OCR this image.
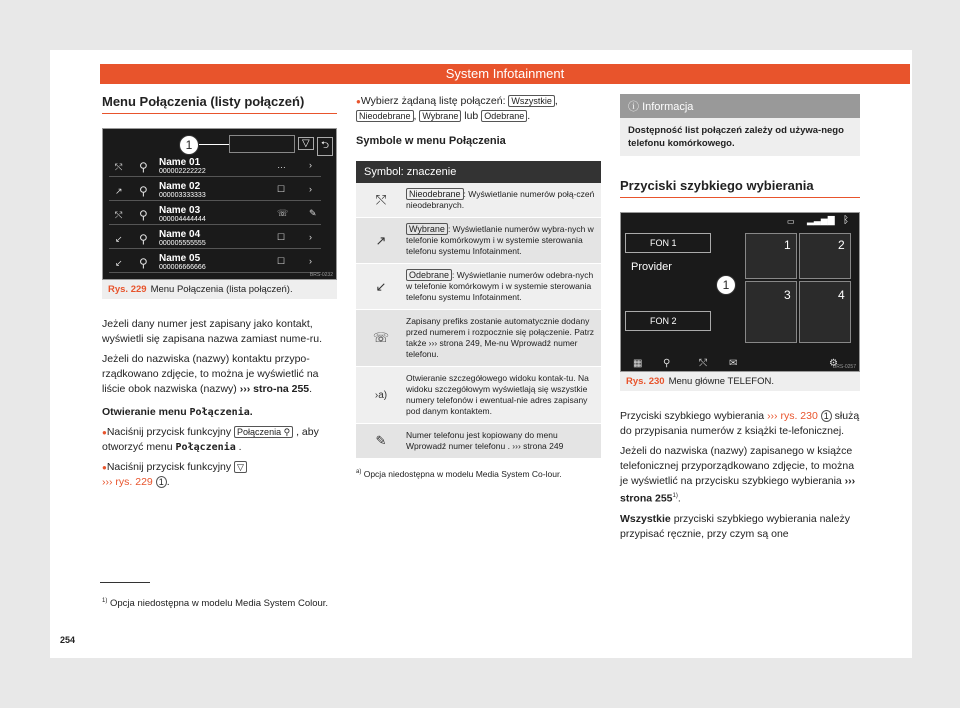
System Infotainment
Menu Połączenia (listy połączeń)
1	▽	⮌
⤲ ⚲ Name 01
000002222222
…	›
↗ ⚲ Name 02
000003333333
☐	›
⤲ ⚲ Name 03
000004444444
☏ ✎
↙ ⚲ Name 04
000005555555
☐	›
↙ ⚲ Name 05
000006666666
☐	›
BRS-0232
Rys. 229 Menu Połączenia (lista połączeń).

Jeżeli dany numer jest zapisany jako kontakt, wyświetli się zapisana nazwa zamiast nume-ru.

Jeżeli do nazwiska (nazwy) kontaktu przypo-rządkowano zdjęcie, to można je wyświetlić na liście obok nazwiska (nazwy) ››› stro-na 255.

Otwieranie menu Połączenia.

● Naciśnij przycisk funkcyjny Połączenia ⚲ , aby otworzyć menu Połączenia .
● Naciśnij przycisk funkcyjny ▽
››› rys. 229 1 .
$^{1)}$ Opcja niedostępna w modelu Media System Colour.
254
● Wybierz żądaną listę połączeń: Wszystkie , Nieodebrane , Wybrane lub Odebrane .

Symbole w menu Połączenia

Symbol: znaczenie
⤲	Nieodebrane : Wyświetlanie numerów połą-czeń nieodebranych.
↗
Wybrane : Wyświetlanie numerów wybra-nych w telefonie komórkowym i w systemie sterowania telefonu systemu Infotainment.
↙
Odebrane : Wyświetlanie numerów odebra-nych w telefonie komórkowym i w systemie sterowania telefonu systemu Infotainment.
☏
Zapisany prefiks zostanie automatycznie dodany przed numerem i rozpocznie się połączenie. Patrz także ››› strona 249, Me-nu Wprowadź numer telefonu.
›a)
Otwieranie szczegółowego widoku kontak-tu. Na widoku szczegółowym wyświetlają się wszystkie numery telefonów i ewentual-nie adres zapisany pod danym kontaktem.
✎	Numer telefonu jest kopiowany do menu Wprowadź numer telefonu . ››› strona 249
$^{a)}$ Opcja niedostępna w modelu Media System Co-lour.
ⓘ Informacja
Dostępność list połączeń zależy od używa-nego telefonu komórkowego.
Przyciski szybkiego wybierania
▭ ▂▃▅▇ ᛒ
FON 1
Provider
FON 2
1
1	2
3	4
▦ ⚲	⤲ ✉	⚙
BRS-0257
Rys. 230 Menu główne TELEFON.

Przyciski szybkiego wybierania ››› rys. 230 1 służą do przypisania numerów z książki te-lefonicznej.

Jeżeli do nazwiska (nazwy) zapisanego w książce telefonicznej przyporządkowano zdjęcie, to można je wyświetlić na przycisku szybkiego wybierania ››› strona 255$^{1)}$.

Wszystkie przyciski szybkiego wybierania należy przypisać ręcznie, przy czym są one
